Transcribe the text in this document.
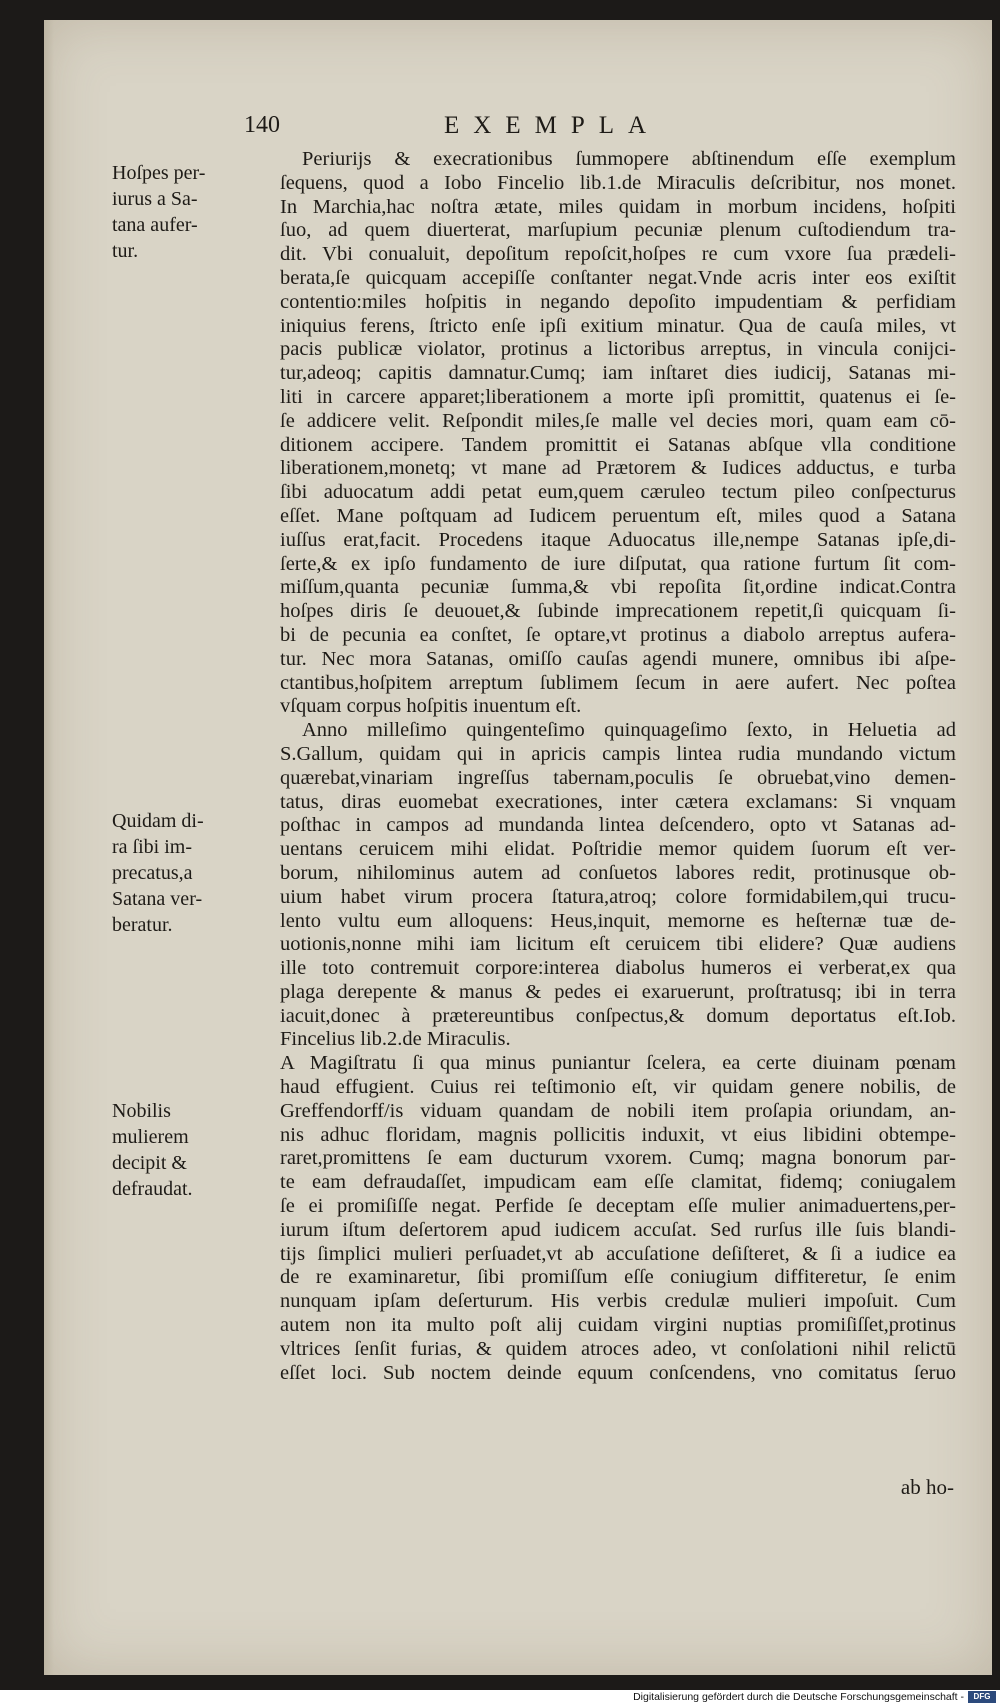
140	EXEMPLA
Hoſpes per-
iurus a Sa-
tana aufer-
tur.
Quidam di-
ra ſibi im-
precatus,a
Satana ver-
beratur.
Nobilis
mulierem
decipit &
defraudat.
Periurijs & execrationibus ſummopere abſtinendum eſſe exemplum
ſequens, quod a Iobo Fincelio lib.1.de Miraculis deſcribitur, nos monet.
In Marchia,hac noſtra ætate, miles quidam in morbum incidens, hoſpiti
ſuo, ad quem diuerterat, marſupium pecuniæ plenum cuſtodiendum tra-
dit. Vbi conualuit, depoſitum repoſcit,hoſpes re cum vxore ſua prædeli-
berata,ſe quicquam accepiſſe conſtanter negat.Vnde acris inter eos exiſtit
contentio:miles hoſpitis in negando depoſito impudentiam & perfidiam
iniquius ferens, ſtricto enſe ipſi exitium minatur. Qua de cauſa miles, vt
pacis publicæ violator, protinus a lictoribus arreptus, in vincula conijci-
tur,adeoq; capitis damnatur.Cumq; iam inſtaret dies iudicij, Satanas mi-
liti in carcere apparet;liberationem a morte ipſi promittit, quatenus ei ſe-
ſe addicere velit. Reſpondit miles,ſe malle vel decies mori, quam eam cō-
ditionem accipere. Tandem promittit ei Satanas abſque vlla conditione
liberationem,monetq; vt mane ad Prætorem & Iudices adductus, e turba
ſibi aduocatum addi petat eum,quem cæruleo tectum pileo conſpecturus
eſſet. Mane poſtquam ad Iudicem peruentum eſt, miles quod a Satana
iuſſus erat,facit. Procedens itaque Aduocatus ille,nempe Satanas ipſe,di-
ſerte,& ex ipſo fundamento de iure diſputat, qua ratione furtum ſit com-
miſſum,quanta pecuniæ ſumma,& vbi repoſita ſit,ordine indicat.Contra
hoſpes diris ſe deuouet,& ſubinde imprecationem repetit,ſi quicquam ſi-
bi de pecunia ea conſtet, ſe optare,vt protinus a diabolo arreptus aufera-
tur. Nec mora Satanas, omiſſo cauſas agendi munere, omnibus ibi aſpe-
ctantibus,hoſpitem arreptum ſublimem ſecum in aere aufert. Nec poſtea
vſquam corpus hoſpitis inuentum eſt.
Anno milleſimo quingenteſimo quinquageſimo ſexto, in Heluetia ad
S.Gallum, quidam qui in apricis campis lintea rudia mundando victum
quærebat,vinariam ingreſſus tabernam,poculis ſe obruebat,vino demen-
tatus, diras euomebat execrationes, inter cætera exclamans: Si vnquam
poſthac in campos ad mundanda lintea deſcendero, opto vt Satanas ad-
uentans ceruicem mihi elidat. Poſtridie memor quidem ſuorum eſt ver-
borum, nihilominus autem ad conſuetos labores redit, protinusque ob-
uium habet virum procera ſtatura,atroq; colore formidabilem,qui trucu-
lento vultu eum alloquens: Heus,inquit, memorne es heſternæ tuæ de-
uotionis,nonne mihi iam licitum eſt ceruicem tibi elidere? Quæ audiens
ille toto contremuit corpore:interea diabolus humeros ei verberat,ex qua
plaga derepente & manus & pedes ei exaruerunt, proſtratusq; ibi in terra
iacuit,donec à prætereuntibus conſpectus,& domum deportatus eſt.Iob.
Fincelius lib.2.de Miraculis.
A Magiſtratu ſi qua minus puniantur ſcelera, ea certe diuinam pœnam
haud effugient. Cuius rei teſtimonio eſt, vir quidam genere nobilis, de
Greffendorff/is viduam quandam de nobili item proſapia oriundam, an-
nis adhuc floridam, magnis pollicitis induxit, vt eius libidini obtempe-
raret,promittens ſe eam ducturum vxorem. Cumq; magna bonorum par-
te eam defraudaſſet, impudicam eam eſſe clamitat, fidemq; coniugalem
ſe ei promiſiſſe negat. Perfide ſe deceptam eſſe mulier animaduertens,per-
iurum iſtum deſertorem apud iudicem accuſat. Sed rurſus ille ſuis blandi-
tijs ſimplici mulieri perſuadet,vt ab accuſatione deſiſteret, & ſi a iudice ea
de re examinaretur, ſibi promiſſum eſſe coniugium diffiteretur, ſe enim
nunquam ipſam deſerturum. His verbis credulæ mulieri impoſuit. Cum
autem non ita multo poſt alij cuidam virgini nuptias promiſiſſet,protinus
vltrices ſenſit furias, & quidem atroces adeo, vt conſolationi nihil relictū
eſſet loci. Sub noctem deinde equum conſcendens, vno comitatus ſeruo
ab ho-
Digitalisierung gefördert durch die Deutsche Forschungsgemeinschaft -	DFG
